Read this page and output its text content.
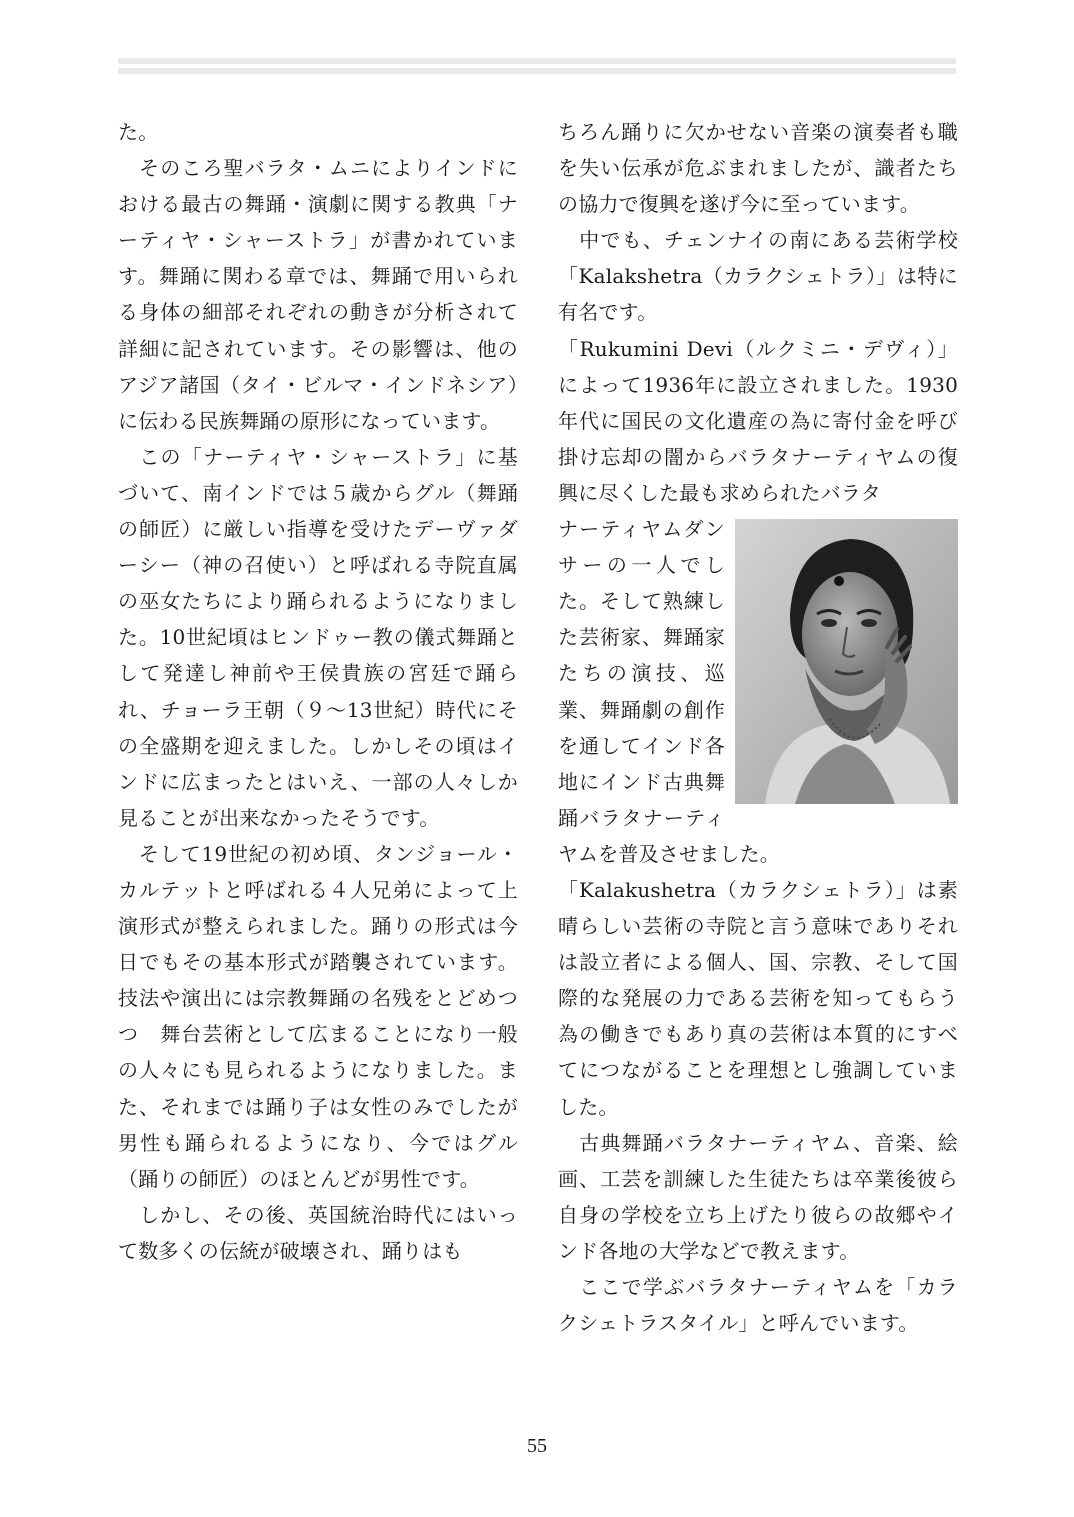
た。

　そのころ聖バラタ・ムニによりインドにおける最古の舞踊・演劇に関する教典「ナーティヤ・シャーストラ」が書かれています。舞踊に関わる章では、舞踊で用いられる身体の細部それぞれの動きが分析されて詳細に記されています。その影響は、他のアジア諸国（タイ・ビルマ・インドネシア）に伝わる民族舞踊の原形になっています。

　この「ナーティヤ・シャーストラ」に基づいて、南インドでは５歳からグル（舞踊の師匠）に厳しい指導を受けたデーヴァダーシー（神の召使い）と呼ばれる寺院直属の巫女たちにより踊られるようになりました。10世紀頃はヒンドゥー教の儀式舞踊として発達し神前や王侯貴族の宮廷で踊られ、チョーラ王朝（９～13世紀）時代にその全盛期を迎えました。しかしその頃はインドに広まったとはいえ、一部の人々しか見ることが出来なかったそうです。

　そして19世紀の初め頃、タンジョール・カルテットと呼ばれる４人兄弟によって上演形式が整えられました。踊りの形式は今日でもその基本形式が踏襲されています。技法や演出には宗教舞踊の名残をとどめつつ　舞台芸術として広まることになり一般の人々にも見られるようになりました。また、それまでは踊り子は女性のみでしたが男性も踊られるようになり、今ではグル（踊りの師匠）のほとんどが男性です。

　しかし、その後、英国統治時代にはいって数多くの伝統が破壊され、踊りはも

ちろん踊りに欠かせない音楽の演奏者も職を失い伝承が危ぶまれましたが、識者たちの協力で復興を遂げ今に至っています。

　中でも、チェンナイの南にある芸術学校「Kalakshetra（カラクシェトラ）」は特に有名です。

「Rukumini Devi（ルクミニ・デヴィ）」によって1936年に設立されました。1930年代に国民の文化遺産の為に寄付金を呼び掛け忘却の闇からバラタナーティヤムの復興に尽くした最も求められたバラタ

ナーティヤムダンサーの一人でした。そして熟練した芸術家、舞踊家たちの演技、巡業、舞踊劇の創作を通してインド各地にインド古典舞踊バラタナーティヤムを普及させました。

「Kalakushetra（カラクシェトラ）」は素晴らしい芸術の寺院と言う意味でありそれは設立者による個人、国、宗教、そして国際的な発展の力である芸術を知ってもらう為の働きでもあり真の芸術は本質的にすべてにつながることを理想とし強調していました。

　古典舞踊バラタナーティヤム、音楽、絵画、工芸を訓練した生徒たちは卒業後彼ら自身の学校を立ち上げたり彼らの故郷やインド各地の大学などで教えます。

　ここで学ぶバラタナーティヤムを「カラクシェトラスタイル」と呼んでいます。

55
